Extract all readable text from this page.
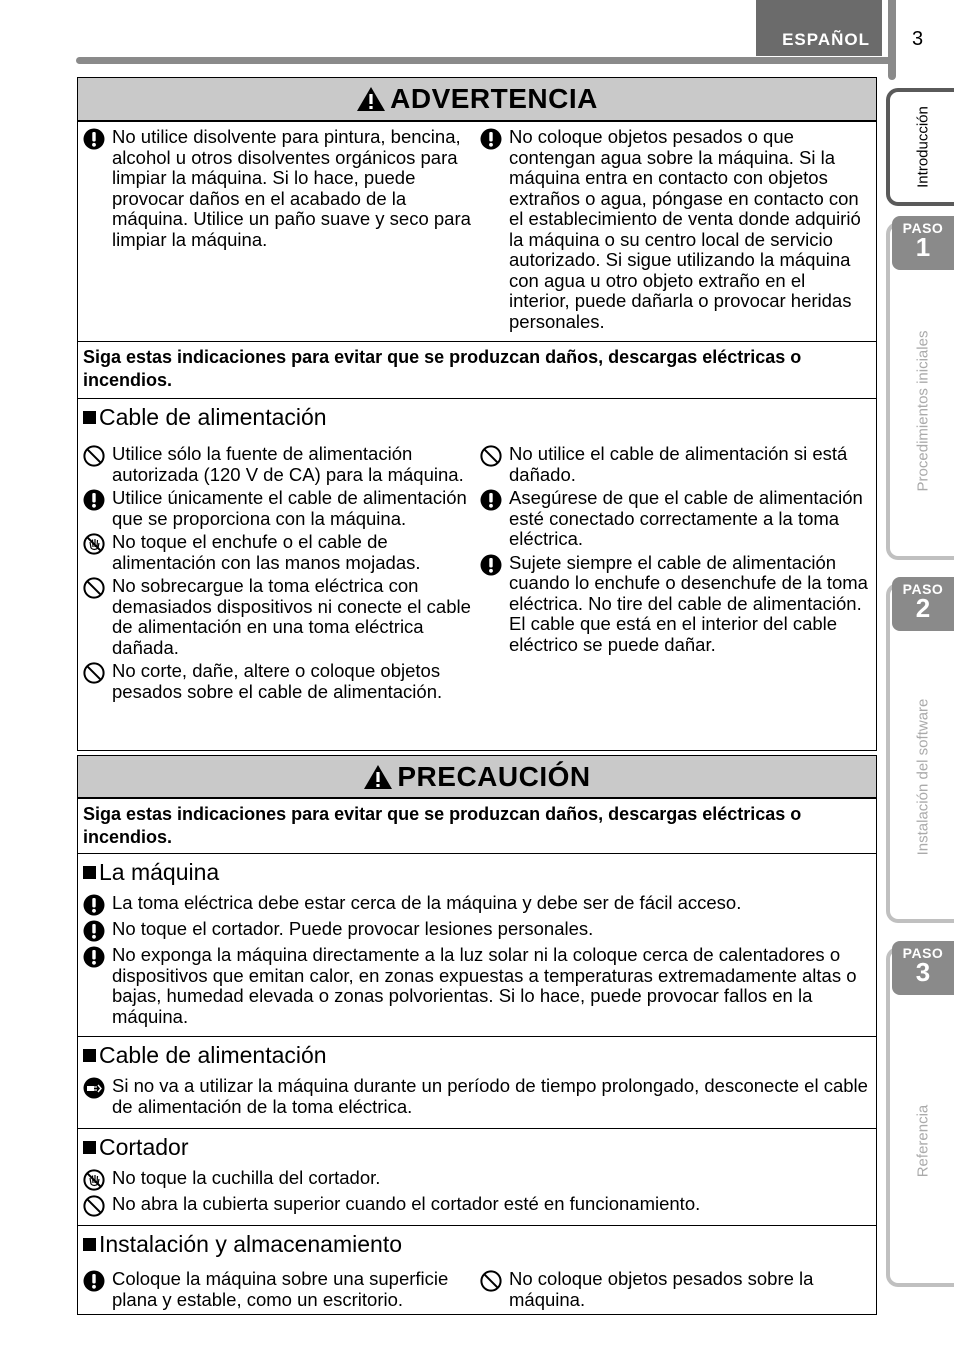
ESPAÑOL 3
Introducción
Procedimientos iniciales
PASO
1
Instalación del software
PASO
2
Referencia
PASO
3
ADVERTENCIA
No utilice disolvente para pintura, bencina, alcohol u otros disolventes orgánicos para limpiar la máquina. Si lo hace, puede provocar daños en el acabado de la máquina. Utilice un paño suave y seco para limpiar la máquina.
No coloque objetos pesados o que contengan agua sobre la máquina. Si la máquina entra en contacto con objetos extraños o agua, póngase en contacto con el establecimiento de venta donde adquirió la máquina o su centro local de servicio autorizado. Si sigue utilizando la máquina con agua u otro objeto extraño en el interior, puede dañarla o provocar heridas personales.
Siga estas indicaciones para evitar que se produzcan daños, descargas eléctricas o incendios.
Cable de alimentación
Utilice sólo la fuente de alimentación autorizada (120 V de CA) para la máquina.
Utilice únicamente el cable de alimentación que se proporciona con la máquina.
No toque el enchufe o el cable de alimentación con las manos mojadas.
No sobrecargue la toma eléctrica con demasiados dispositivos ni conecte el cable de alimentación en una toma eléctrica dañada.
No corte, dañe, altere o coloque objetos pesados sobre el cable de alimentación.
No utilice el cable de alimentación si está dañado.
Asegúrese de que el cable de alimentación esté conectado correctamente a la toma eléctrica.
Sujete siempre el cable de alimentación cuando lo enchufe o desenchufe de la toma eléctrica. No tire del cable de alimentación. El cable que está en el interior del cable eléctrico se puede dañar.
PRECAUCIÓN
Siga estas indicaciones para evitar que se produzcan daños, descargas eléctricas o incendios.
La máquina
La toma eléctrica debe estar cerca de la máquina y debe ser de fácil acceso.
No toque el cortador. Puede provocar lesiones personales.
No exponga la máquina directamente a la luz solar ni la coloque cerca de calentadores o dispositivos que emitan calor, en zonas expuestas a temperaturas extremadamente altas o bajas, humedad elevada o zonas polvorientas. Si lo hace, puede provocar fallos en la máquina.
Cable de alimentación
Si no va a utilizar la máquina durante un período de tiempo prolongado, desconecte el cable de alimentación de la toma eléctrica.
Cortador
No toque la cuchilla del cortador.
No abra la cubierta superior cuando el cortador esté en funcionamiento.
Instalación y almacenamiento
Coloque la máquina sobre una superficie plana y estable, como un escritorio.
No coloque objetos pesados sobre la máquina.
